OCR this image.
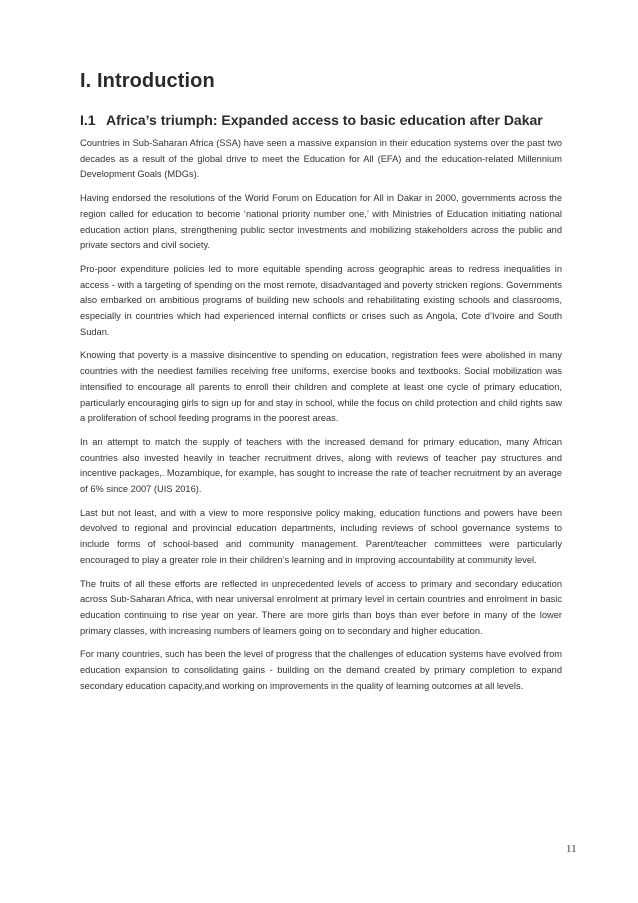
I. Introduction
I.1 Africa’s triumph: Expanded access to basic education after Dakar

Countries in Sub-Saharan Africa (SSA) have seen a massive expansion in their education systems over the past two decades as a result of the global drive to meet the Education for All (EFA) and the education-related Millennium Development Goals (MDGs).

Having endorsed the resolutions of the World Forum on Education for All in Dakar in 2000, governments across the region called for education to become ‘national priority number one,’ with Ministries of Education initiating national education action plans, strengthening public sector investments and mobilizing stakeholders across the public and private sectors and civil society.

Pro-poor expenditure policies led to more equitable spending across geographic areas to redress inequalities in access - with a targeting of spending on the most remote, disadvantaged and poverty stricken regions. Governments also embarked on ambitious programs of building new schools and rehabilitating existing schools and classrooms, especially in countries which had experienced internal conflicts or crises such as Angola, Cote d’Ivoire and South Sudan.

Knowing that poverty is a massive disincentive to spending on education, registration fees were abolished in many countries with the neediest families receiving free uniforms, exercise books and textbooks. Social mobilization was intensified to encourage all parents to enroll their children and complete at least one cycle of primary education, particularly encouraging girls to sign up for and stay in school, while the focus on child protection and child rights saw a proliferation of school feeding programs in the poorest areas.

In an attempt to match the supply of teachers with the increased demand for primary education, many African countries also invested heavily in teacher recruitment drives, along with reviews of teacher pay structures and incentive packages,. Mozambique, for example, has sought to increase the rate of teacher recruitment by an average of 6% since 2007 (UIS 2016).

Last but not least, and with a view to more responsive policy making, education functions and powers have been devolved to regional and provincial education departments, including reviews of school governance systems to include forms of school-based and community management. Parent/teacher committees were particularly encouraged to play a greater role in their children’s learning and in improving accountability at community level.

The fruits of all these efforts are reflected in unprecedented levels of access to primary and secondary education across Sub-Saharan Africa, with near universal enrolment at primary level in certain countries and enrolment in basic education continuing to rise year on year. There are more girls than boys than ever before in many of the lower primary classes, with increasing numbers of learners going on to secondary and higher education.

For many countries, such has been the level of progress that the challenges of education systems have evolved from education expansion to consolidating gains - building on the demand created by primary completion to expand secondary education capacity,and working on improvements in the quality of learning outcomes at all levels.

11
